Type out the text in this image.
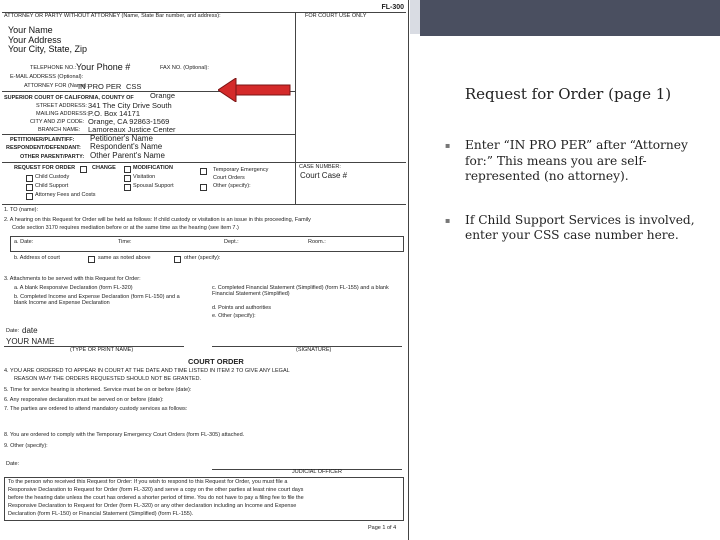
FL-300
ATTORNEY OR PARTY WITHOUT ATTORNEY (Name, State Bar number, and address):	FOR COURT USE ONLY
Your Name
Your Address
Your City, State, Zip
TELEPHONE NO.: Your Phone #	FAX NO. (Optional):
E-MAIL ADDRESS (Optional):
ATTORNEY FOR (Name):
IN PRO PER CSS
SUPERIOR COURT OF CALIFORNIA, COUNTY OF Orange
STREET ADDRESS: 341 The City Drive South
MAILING ADDRESS: P.O. Box 14171
CITY AND ZIP CODE: Orange, CA 92863-1569
BRANCH NAME: Lamoreaux Justice Center
PETITIONER/PLAINTIFF: Petitioner's Name
RESPONDENT/DEFENDANT: Respondent's Name
OTHER PARENT/PARTY: Other Parent's Name
REQUEST FOR ORDER	CHANGE
Child Custody
Child Support
Attorney Fees and Costs
MODIFICATION
Visitation
Spousal Support
Temporary Emergency
Court Orders
Other (specify):
CASE NUMBER:
Court Case #
1. TO (name):
2. A hearing on this Request for Order will be held as follows: If child custody or visitation is an issue in this proceeding, Family
Code section 3170 requires mediation before or at the same time as the hearing (see item 7.)
a. Date:	Time:	Dept.:	Room.:
b. Address of court	same as noted above	other (specify):
3. Attachments to be served with this Request for Order:
a. A blank Responsive Declaration (form FL-320)
b. Completed Income and Expense Declaration (form FL-150) and a blank Income and Expense Declaration
c. Completed Financial Statement (Simplified) (form FL-155) and a blank Financial Statement (Simplified)
d. Points and authorities
e. Other (specify):
Date: date
YOUR NAME
(TYPE OR PRINT NAME)	(SIGNATURE)
COURT ORDER
4. YOU ARE ORDERED TO APPEAR IN COURT AT THE DATE AND TIME LISTED IN ITEM 2 TO GIVE ANY LEGAL
REASON WHY THE ORDERS REQUESTED SHOULD NOT BE GRANTED.
5. Time for service hearing is shortened. Service must be on or before (date):
6. Any responsive declaration must be served on or before (date):
7. The parties are ordered to attend mandatory custody services as follows:
8. You are ordered to comply with the Temporary Emergency Court Orders (form FL-305) attached.
9. Other (specify):
Date:
JUDICIAL OFFICER
To the person who received this Request for Order: If you wish to respond to this Request for Order, you must file a
Responsive Declaration to Request for Order (form FL-320) and serve a copy on the other parties at least nine court days
before the hearing date unless the court has ordered a shorter period of time. You do not have to pay a filing fee to file the
Responsive Declaration to Request for Order (form FL-320) or any other declaration including an Income and Expense
Declaration (form FL-150) or Financial Statement (Simplified) (form FL-155).
Page 1 of 4
Request for Order (page 1)
▪ Enter “IN PRO PER” after “Attorney for:” This means you are self-represented (no attorney).
▪ If Child Support Services is involved, enter your CSS case number here.
